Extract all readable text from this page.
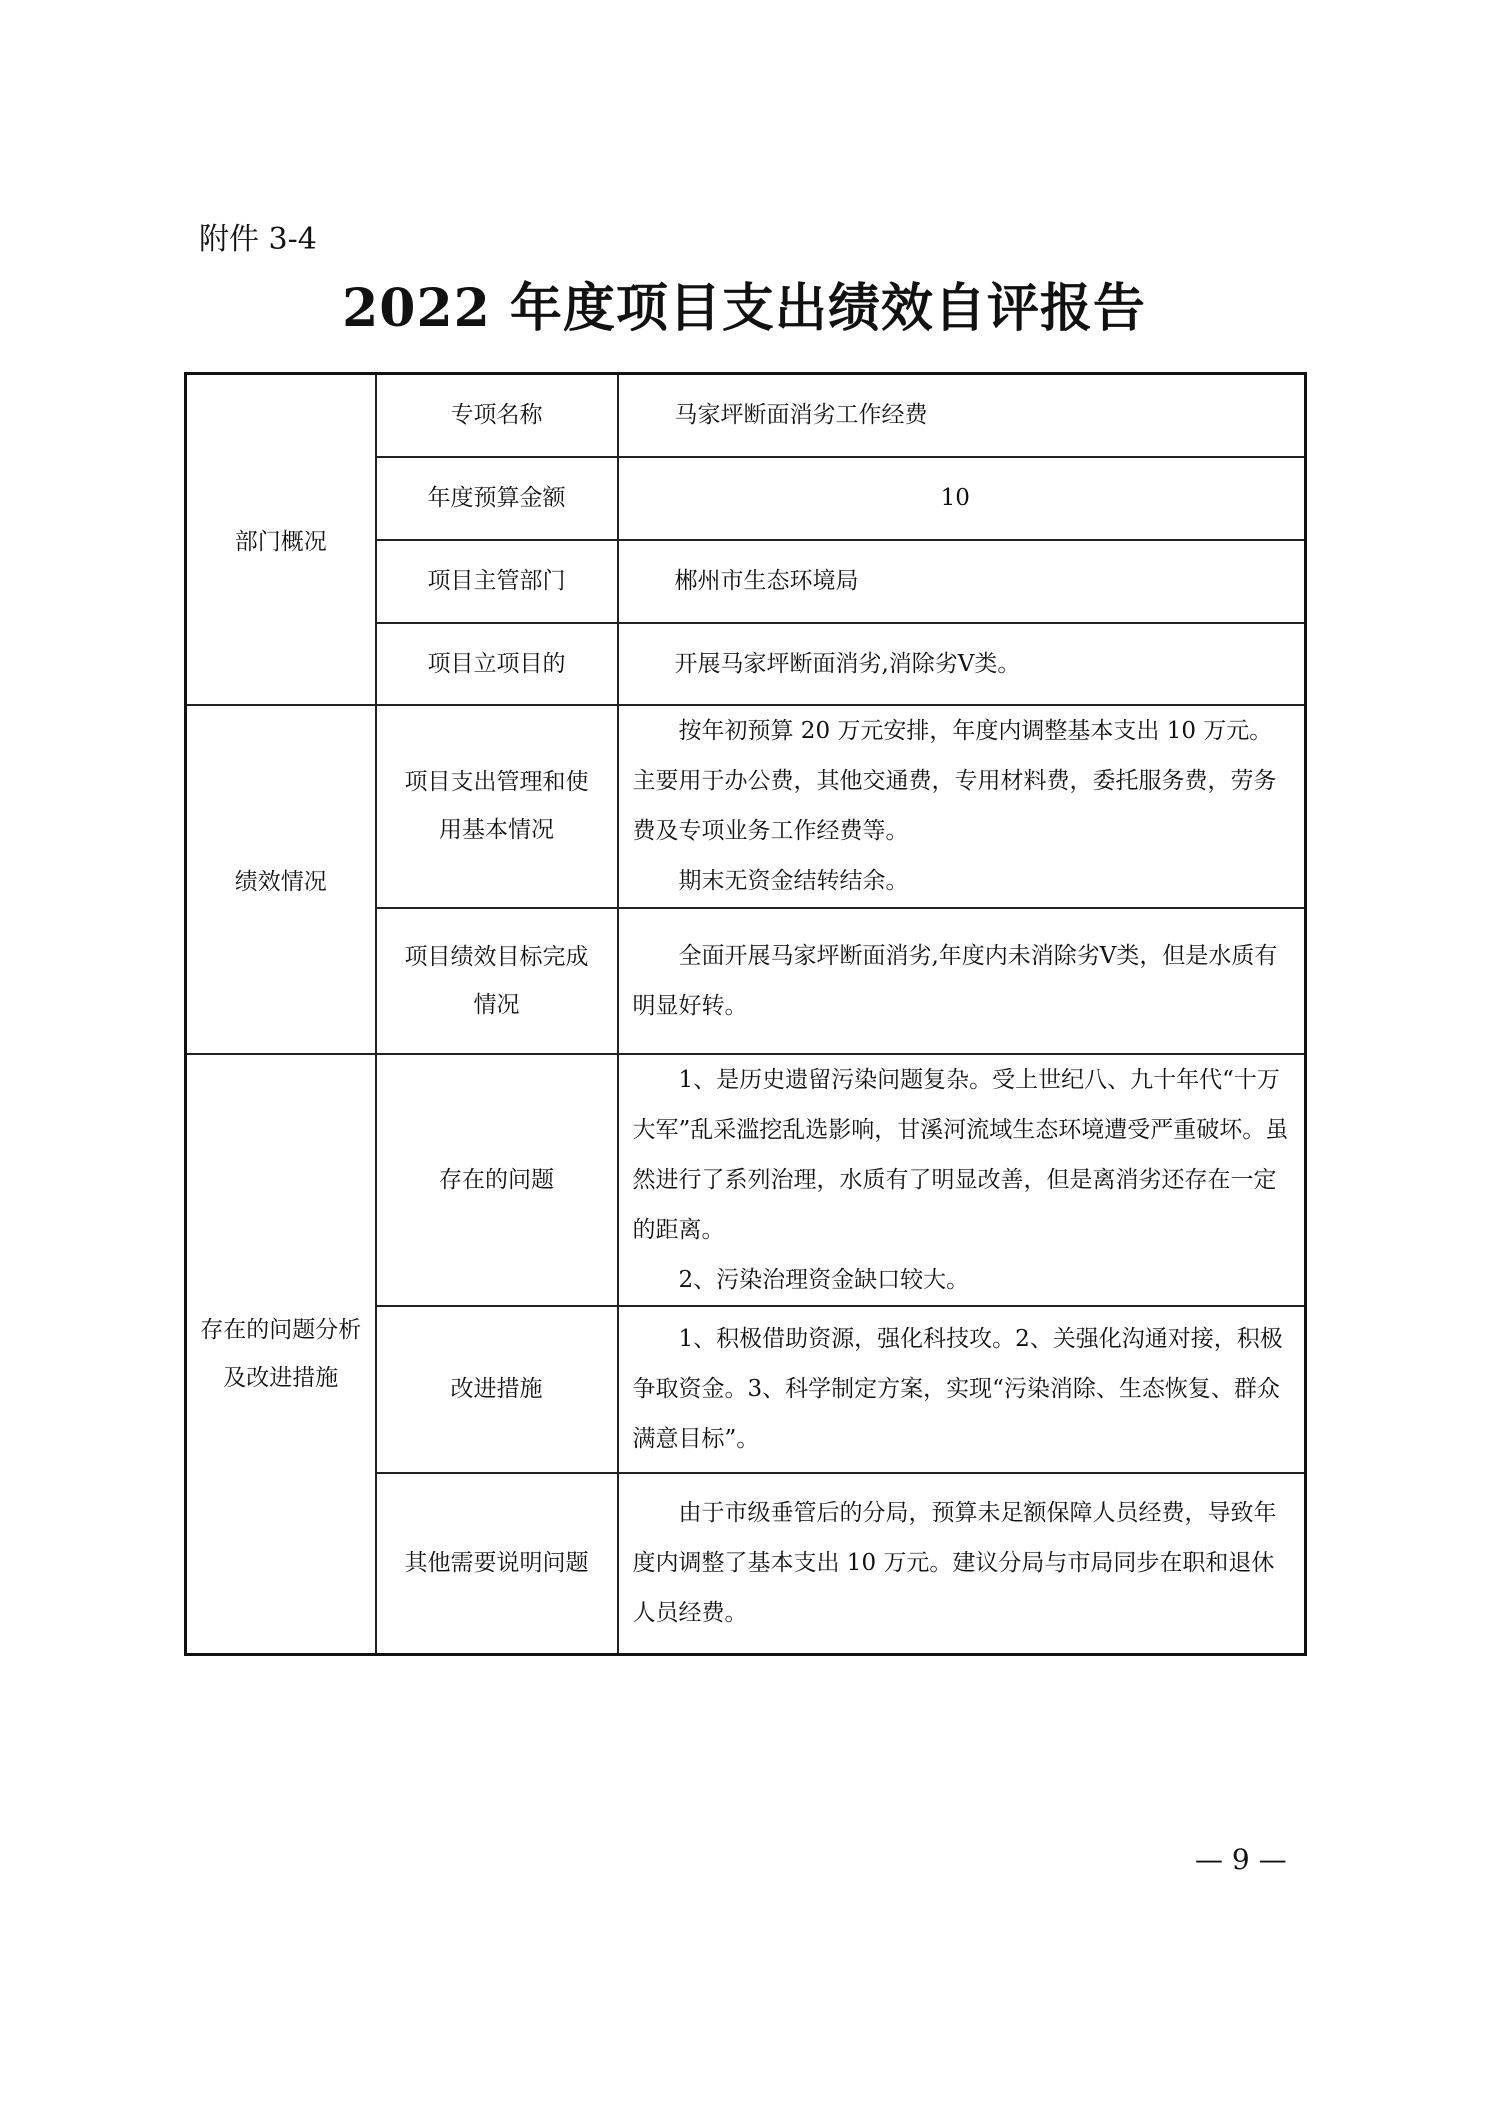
附件 3-4
2022 年度项目支出绩效自评报告
部门概况	专项名称	马家坪断面消劣工作经费
	年度预算金额	10
	项目主管部门	郴州市生态环境局
	项目立项目的	开展马家坪断面消劣,消除劣Ⅴ类。
绩效情况	项目支出管理和使用基本情况	按年初预算 20 万元安排，年度内调整基本支出 10 万元。主要用于办公费，其他交通费，专用材料费，委托服务费，劳务费及专项业务工作经费等。

期末无资金结转结余。

	项目绩效目标完成情况	全面开展马家坪断面消劣,年度内未消除劣Ⅴ类，但是水质有明显好转。

存在的问题分析及改进措施	存在的问题	1、是历史遗留污染问题复杂。受上世纪八、九十年代“十万大军”乱采滥挖乱选影响，甘溪河流域生态环境遭受严重破坏。虽然进行了系列治理，水质有了明显改善，但是离消劣还存在一定的距离。

2、污染治理资金缺口较大。

	改进措施	1、积极借助资源，强化科技攻。2、关强化沟通对接，积极争取资金。3、科学制定方案，实现“污染消除、生态恢复、群众满意目标”。

	其他需要说明问题	由于市级垂管后的分局，预算未足额保障人员经费，导致年度内调整了基本支出 10 万元。建议分局与市局同步在职和退休人员经费。

— 9 —
